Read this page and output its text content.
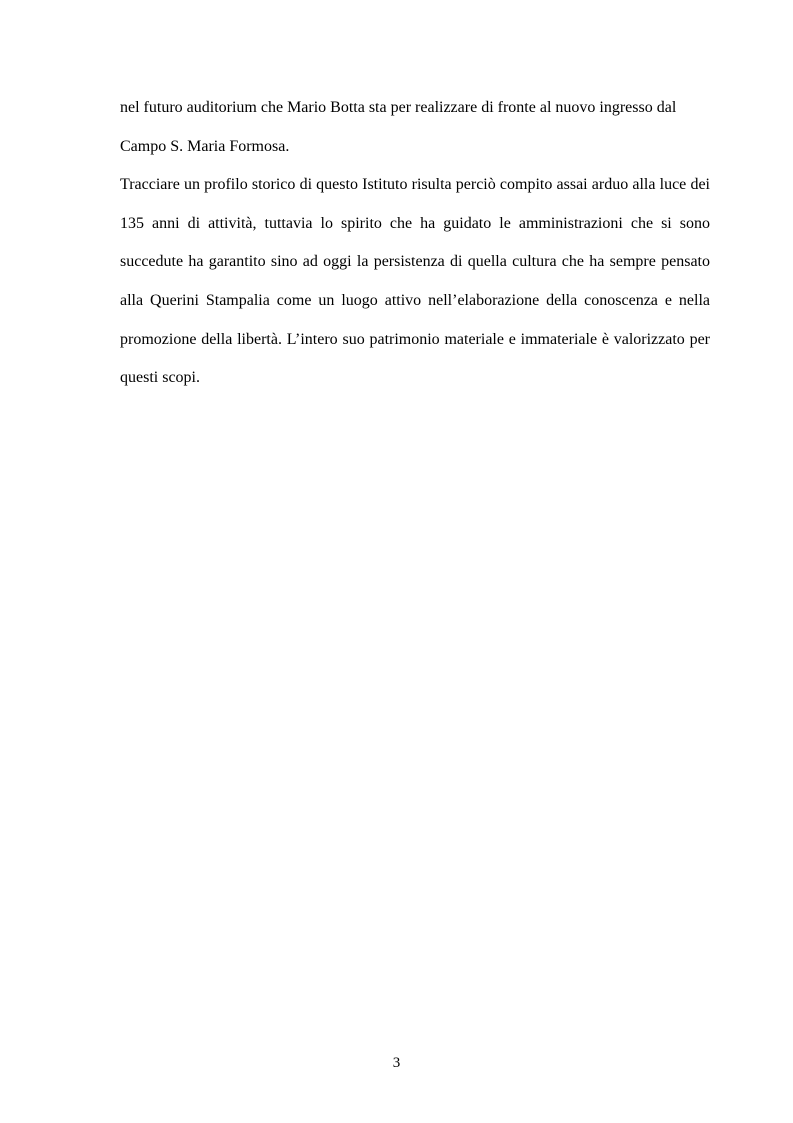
nel futuro auditorium che Mario Botta sta per realizzare di fronte al nuovo ingresso dal Campo S. Maria Formosa.

Tracciare un profilo storico di questo Istituto risulta perciò compito assai arduo alla luce dei 135 anni di attività, tuttavia lo spirito che ha guidato le amministrazioni che si sono succedute ha garantito sino ad oggi la persistenza di quella cultura che ha sempre pensato alla Querini Stampalia come un luogo attivo nell’elaborazione della conoscenza e nella promozione della libertà. L’intero suo patrimonio materiale e immateriale è valorizzato per questi scopi.

3
